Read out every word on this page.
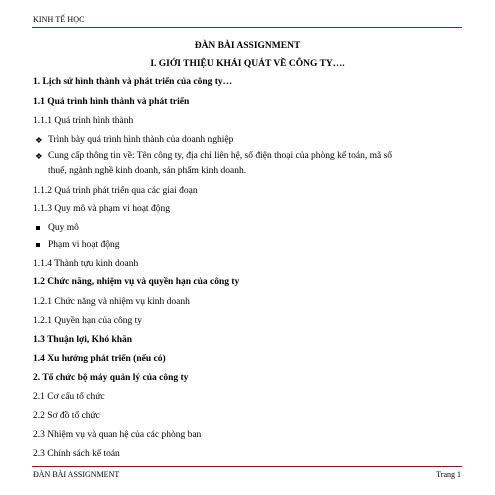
KINH TẾ HỌC
ĐÀN BÀI ASSIGNMENT
I. GIỚI THIỆU KHÁI QUÁT VỀ CÔNG TY….
1. Lịch sử hình thành và phát triển của công ty…
1.1 Quá trình hình thành và phát triển
1.1.1 Quá trình hình thành
❖ Trình bày quá trình hình thành của doanh nghiệp
❖ Cung cấp thông tin về: Tên công ty, địa chỉ liên hệ, số điện thoại của phòng kế toán, mã số
thuế, ngành nghề kinh doanh, sản phẩm kinh doanh.
1.1.2 Quá trình phát triển qua các giai đoạn
1.1.3 Quy mô và phạm vi hoạt động
Quy mô
Phạm vi hoạt động
1.1.4 Thành tựu kinh doanh
1.2 Chức năng, nhiệm vụ và quyền hạn của công ty
1.2.1 Chức năng và nhiệm vụ kinh doanh
1.2.1 Quyền hạn của công ty
1.3 Thuận lợi, Khó khăn
1.4 Xu hướng phát triển (nếu có)
2. Tổ chức bộ máy quản lý của công ty
2.1 Cơ cấu tổ chức
2.2 Sơ đồ tổ chức
2.3 Nhiệm vụ và quan hệ của các phòng ban
2.3 Chính sách kế toán
ĐÀN BÀI ASSIGNMENT	Trang 1
